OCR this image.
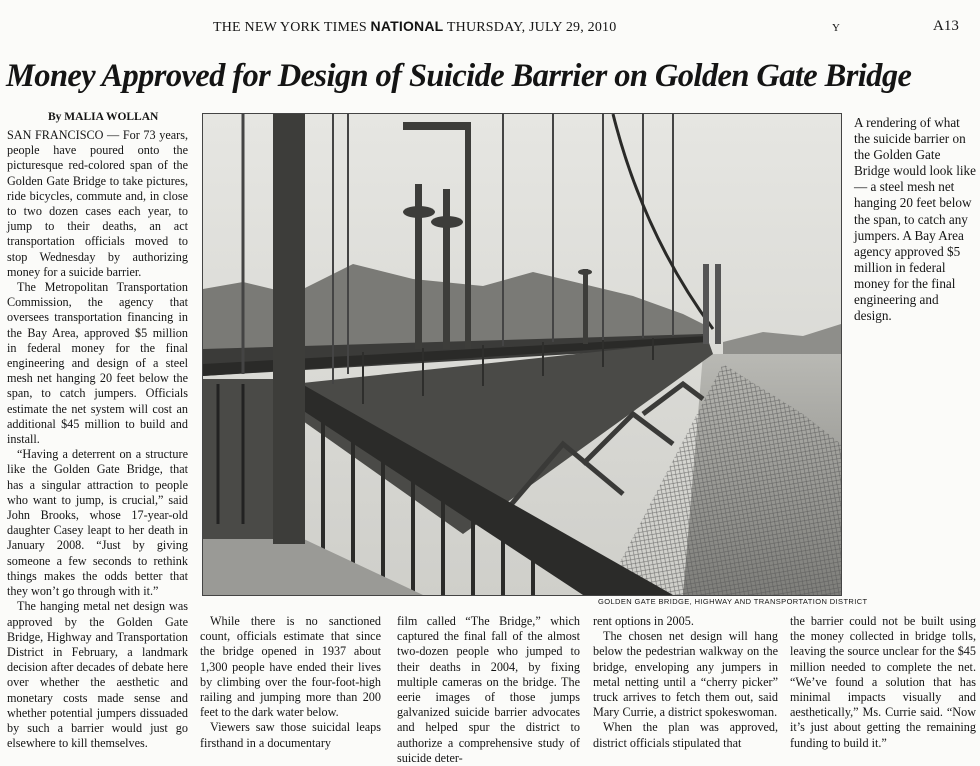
THE NEW YORK TIMES NATIONAL THURSDAY, JULY 29, 2010	Y	A13
Money Approved for Design of Suicide Barrier on Golden Gate Bridge
By MALIA WOLLAN

SAN FRANCISCO — For 73 years, people have poured onto the picturesque red-colored span of the Golden Gate Bridge to take pictures, ride bicycles, commute and, in close to two dozen cases each year, to jump to their deaths, an act transportation officials moved to stop Wednesday by authorizing money for a suicide barrier.

The Metropolitan Transportation Commission, the agency that oversees transportation financing in the Bay Area, approved $5 million in federal money for the final engineering and design of a steel mesh net hanging 20 feet below the span, to catch jumpers. Officials estimate the net system will cost an additional $45 million to build and install.

“Having a deterrent on a structure like the Golden Gate Bridge, that has a singular attraction to people who want to jump, is crucial,” said John Brooks, whose 17-year-old daughter Casey leapt to her death in January 2008. “Just by giving someone a few seconds to rethink things makes the odds better that they won’t go through with it.”

The hanging metal net design was approved by the Golden Gate Bridge, Highway and Transportation District in February, a landmark decision after decades of debate here over whether the aesthetic and monetary costs made sense and whether potential jumpers dissuaded by such a barrier would just go elsewhere to kill themselves.

A rendering of what the suicide barrier on the Golden Gate Bridge would look like — a steel mesh net hanging 20 feet below the span, to catch any jumpers. A Bay Area agency approved $5 million in federal money for the final engineering and design.
GOLDEN GATE BRIDGE, HIGHWAY AND TRANSPORTATION DISTRICT

While there is no sanctioned count, officials estimate that since the bridge opened in 1937 about 1,300 people have ended their lives by climbing over the four-foot-high railing and jumping more than 200 feet to the dark water below.

Viewers saw those suicidal leaps firsthand in a documentary

film called “The Bridge,” which captured the final fall of the almost two-dozen people who jumped to their deaths in 2004, by fixing multiple cameras on the bridge. The eerie images of those jumps galvanized suicide barrier advocates and helped spur the district to authorize a comprehensive study of suicide deter-

rent options in 2005.

The chosen net design will hang below the pedestrian walkway on the bridge, enveloping any jumpers in metal netting until a “cherry picker” truck arrives to fetch them out, said Mary Currie, a district spokeswoman.

When the plan was approved, district officials stipulated that

the barrier could not be built using the money collected in bridge tolls, leaving the source unclear for the $45 million needed to complete the net. “We’ve found a solution that has minimal impacts visually and aesthetically,” Ms. Currie said. “Now it’s just about getting the remaining funding to build it.”
